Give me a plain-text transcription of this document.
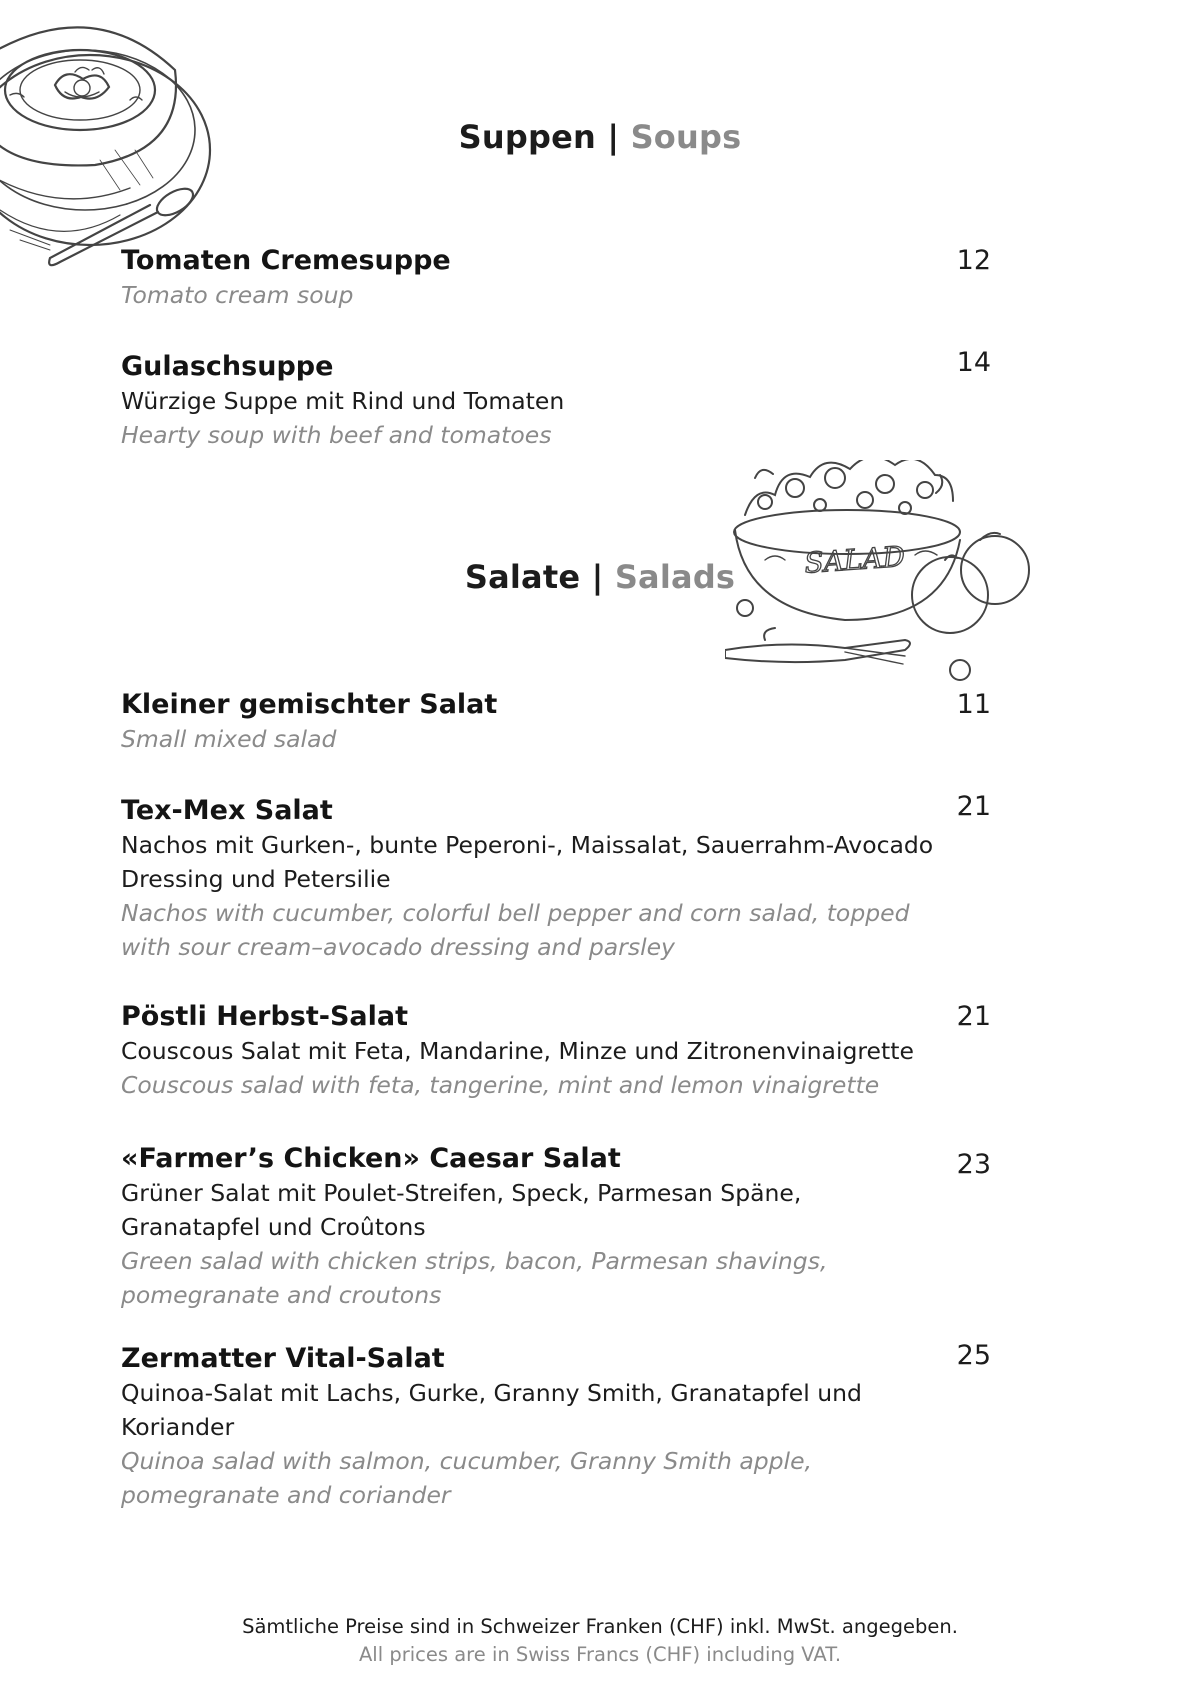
SALAD
Suppen | Soups
Tomaten Cremesuppe
Tomato cream soup
12
Gulaschsuppe
Würzige Suppe mit Rind und Tomaten
Hearty soup with beef and tomatoes
14
Salate | Salads
Kleiner gemischter Salat
Small mixed salad
11
Tex-Mex Salat
Nachos mit Gurken-, bunte Peperoni-, Maissalat, Sauerrahm-Avocado Dressing und Petersilie
Nachos with cucumber, colorful bell pepper and corn salad, topped with sour cream–avocado dressing and parsley
21
Pöstli Herbst-Salat
Couscous Salat mit Feta, Mandarine, Minze und Zitronenvinaigrette
Couscous salad with feta, tangerine, mint and lemon vinaigrette
21
«Farmer’s Chicken» Caesar Salat
Grüner Salat mit Poulet-Streifen, Speck, Parmesan Späne, Granatapfel und Croûtons
Green salad with chicken strips, bacon, Parmesan shavings, pomegranate and croutons
23
Zermatter Vital-Salat
Quinoa-Salat mit Lachs, Gurke, Granny Smith, Granatapfel und Koriander
Quinoa salad with salmon, cucumber, Granny Smith apple, pomegranate and coriander
25
Sämtliche Preise sind in Schweizer Franken (CHF) inkl. MwSt. angegeben.
All prices are in Swiss Francs (CHF) including VAT.
